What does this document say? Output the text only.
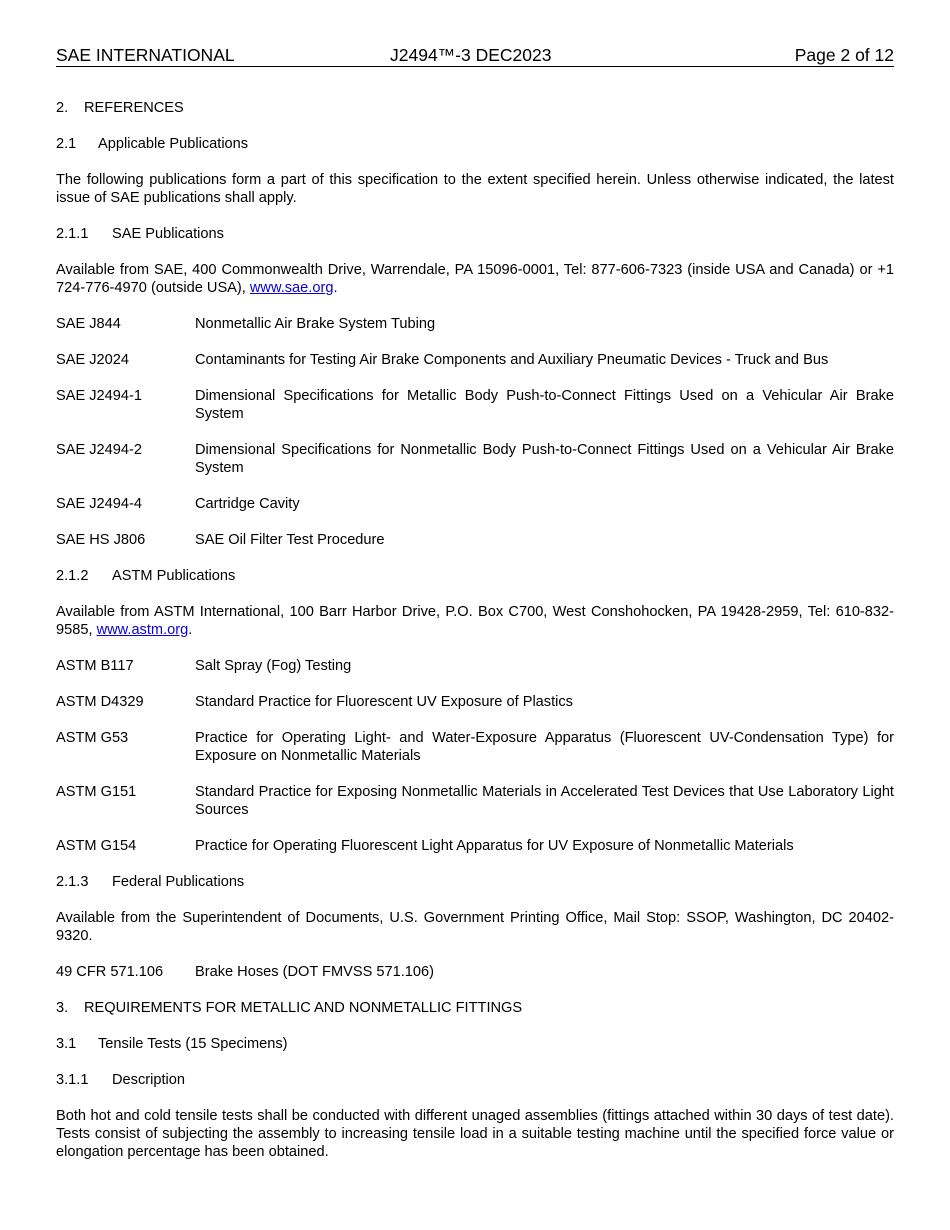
SAE INTERNATIONAL	J2494™-3 DEC2023	Page 2 of 12
2. REFERENCES
2.1 Applicable Publications

The following publications form a part of this specification to the extent specified herein. Unless otherwise indicated, the latest issue of SAE publications shall apply.

2.1.1 SAE Publications

Available from SAE, 400 Commonwealth Drive, Warrendale, PA 15096-0001, Tel: 877-606-7323 (inside USA and Canada) or +1 724-776-4970 (outside USA), www.sae.org.

SAE J844	Nonmetallic Air Brake System Tubing
SAE J2024	Contaminants for Testing Air Brake Components and Auxiliary Pneumatic Devices - Truck and Bus
SAE J2494-1	Dimensional Specifications for Metallic Body Push-to-Connect Fittings Used on a Vehicular Air Brake System
SAE J2494-2	Dimensional Specifications for Nonmetallic Body Push-to-Connect Fittings Used on a Vehicular Air Brake System
SAE J2494-4	Cartridge Cavity
SAE HS J806	SAE Oil Filter Test Procedure
2.1.2 ASTM Publications

Available from ASTM International, 100 Barr Harbor Drive, P.O. Box C700, West Conshohocken, PA 19428-2959, Tel: 610-832-9585, www.astm.org.

ASTM B117	Salt Spray (Fog) Testing
ASTM D4329	Standard Practice for Fluorescent UV Exposure of Plastics
ASTM G53	Practice for Operating Light- and Water-Exposure Apparatus (Fluorescent UV-Condensation Type) for Exposure on Nonmetallic Materials
ASTM G151	Standard Practice for Exposing Nonmetallic Materials in Accelerated Test Devices that Use Laboratory Light Sources
ASTM G154	Practice for Operating Fluorescent Light Apparatus for UV Exposure of Nonmetallic Materials
2.1.3 Federal Publications

Available from the Superintendent of Documents, U.S. Government Printing Office, Mail Stop: SSOP, Washington, DC 20402-9320.

49 CFR 571.106	Brake Hoses (DOT FMVSS 571.106)
3. REQUIREMENTS FOR METALLIC AND NONMETALLIC FITTINGS
3.1 Tensile Tests (15 Specimens)
3.1.1 Description

Both hot and cold tensile tests shall be conducted with different unaged assemblies (fittings attached within 30 days of test date). Tests consist of subjecting the assembly to increasing tensile load in a suitable testing machine until the specified force value or elongation percentage has been obtained.
